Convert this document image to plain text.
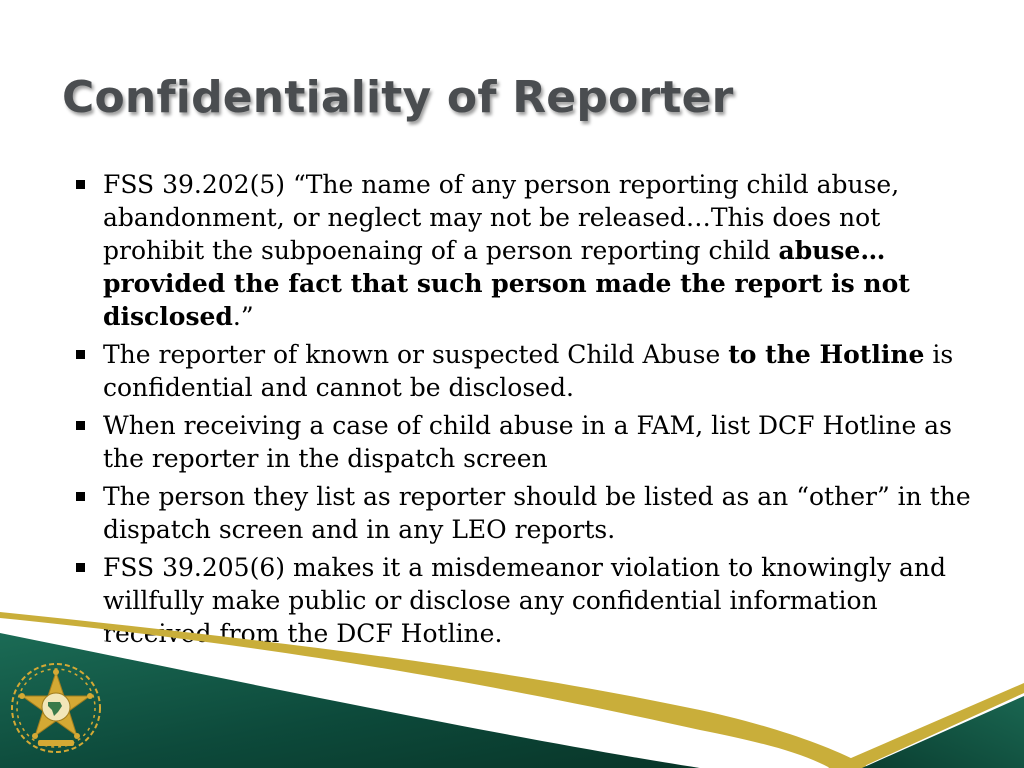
Confidentiality of Reporter
FSS 39.202(5) “The name of any person reporting child abuse, abandonment, or neglect may not be released…This does not prohibit the subpoenaing of a person reporting child abuse…provided the fact that such person made the report is not disclosed.”
The reporter of known or suspected Child Abuse to the Hotline is confidential and cannot be disclosed.
When receiving a case of child abuse in a FAM, list DCF Hotline as the reporter in the dispatch screen
The person they list as reporter should be listed as an “other” in the dispatch screen and in any LEO reports.
FSS 39.205(6) makes it a misdemeanor violation to knowingly and willfully make public or disclose any confidential information received from the DCF Hotline.
